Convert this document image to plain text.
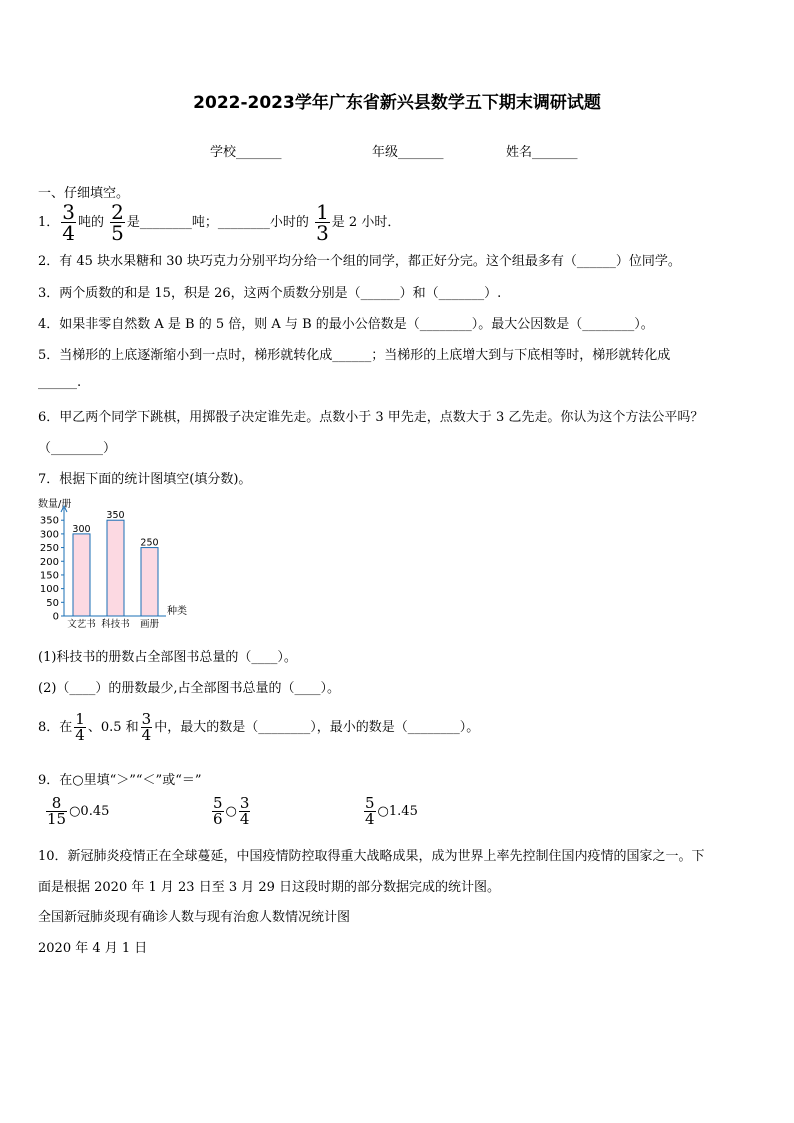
2022-2023学年广东省新兴县数学五下期末调研试题
学校_______	年级_______	姓名_______
一、仔细填空。
1． $\frac{3}{4}$ 吨的 $\frac{2}{5}$ 是________吨；________小时的 $\frac{1}{3}$ 是 2 小时．
2．有 45 块水果糖和 30 块巧克力分别平均分给一个组的同学，都正好分完。这个组最多有（______）位同学。
3．两个质数的和是 15，积是 26，这两个质数分别是（______）和（_______）.
4．如果非零自然数 A 是 B 的 5 倍，则 A 与 B 的最小公倍数是（________）。最大公因数是（________）。
5．当梯形的上底逐渐缩小到一点时，梯形就转化成______；当梯形的上底增大到与下底相等时，梯形就转化成
______.
6．甲乙两个同学下跳棋，用掷骰子决定谁先走。点数小于 3 甲先走，点数大于 3 乙先走。你认为这个方法公平吗？
（________）
7．根据下面的统计图填空(填分数)。
数量/册
0
50
100
150
200
250
300
350
300
文艺书
350
科技书
250
画册
种类
(1)科技书的册数占全部图书总量的（____）。
(2)（____）的册数最少,占全部图书总量的（____）。
8．在 $\frac{1}{4}$ 、0.5 和 $\frac{3}{4}$ 中，最大的数是（________），最小的数是（________）。
9．在○里填“＞”“＜”或“＝”
$\frac{8}{15}$ ○0.45	$\frac{5}{6}$ ○ $\frac{3}{4}$	$\frac{5}{4}$ ○1.45
10．新冠肺炎疫情正在全球蔓延，中国疫情防控取得重大战略成果，成为世界上率先控制住国内疫情的国家之一。下
面是根据 2020 年 1 月 23 日至 3 月 29 日这段时期的部分数据完成的统计图。
全国新冠肺炎现有确诊人数与现有治愈人数情况统计图
2020 年 4 月 1 日
